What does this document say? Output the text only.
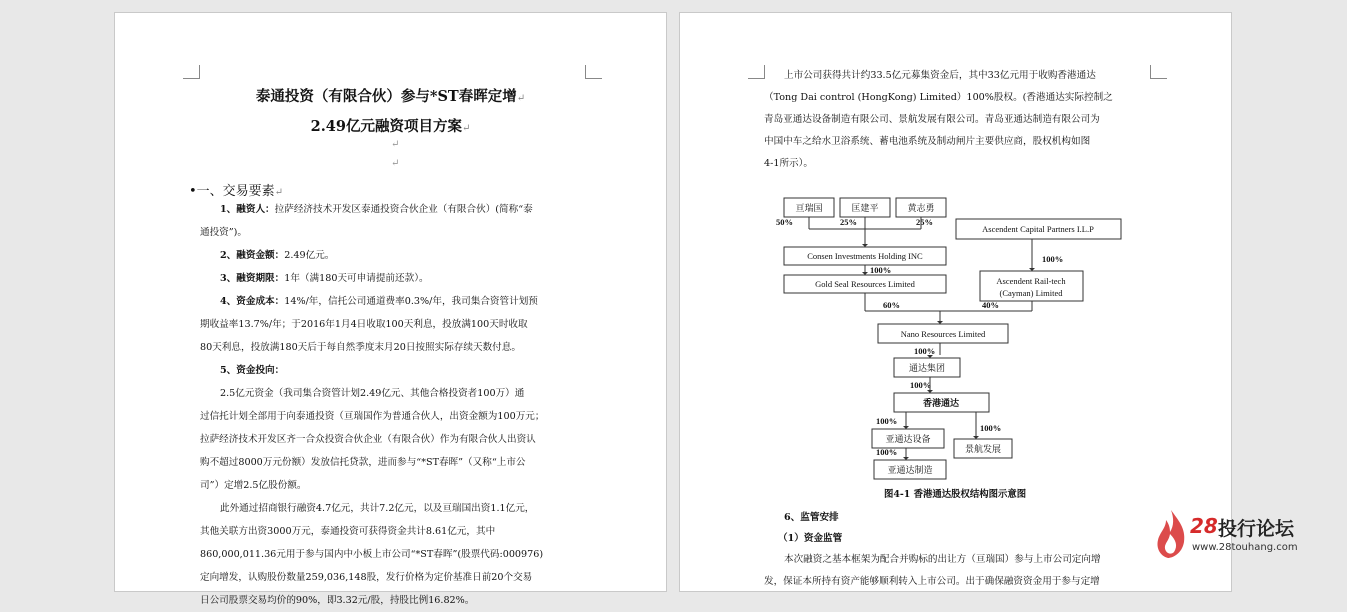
泰通投资（有限合伙）参与*ST春晖定增↵
2.49亿元融资项目方案↵
↵
↵
•一、交易要素↵
1、融资人：拉萨经济技术开发区泰通投资合伙企业（有限合伙）(简称“泰
通投资”)。
2、融资金额：2.49亿元。
3、融资期限：1年（满180天可申请提前还款）。
4、资金成本：14%/年，信托公司通道费率0.3%/年，我司集合资管计划预
期收益率13.7%/年；于2016年1月4日收取100天利息，投放满100天时收取
80天利息，投放满180天后于每自然季度末月20日按照实际存续天数付息。
5、资金投向：
2.5亿元资金（我司集合资管计划2.49亿元、其他合格投资者100万）通
过信托计划全部用于向泰通投资（亘瑞国作为普通合伙人，出资金额为100万元；
拉萨经济技术开发区齐一合众投资合伙企业（有限合伙）作为有限合伙人出资认
购不超过8000万元份额）发放信托贷款，进而参与“*ST春晖”（又称“上市公
司”）定增2.5亿股份额。
此外通过招商银行融资4.7亿元，共计7.2亿元，以及亘瑞国出资1.1亿元，
其他关联方出资3000万元，泰通投资可获得资金共计8.61亿元，其中
860,000,011.36元用于参与国内中小板上市公司“*ST春晖”(股票代码:000976)
定向增发，认购股份数量259,036,148股，发行价格为定价基准日前20个交易
日公司股票交易均价的90%，即3.32元/股，持股比例16.82%。
上市公司获得共计约33.5亿元募集资金后，其中33亿元用于收购香港通达
（Tong Dai control (HongKong) Limited）100%股权。(香港通达实际控制之
青岛亚通达设备制造有限公司、景航发展有限公司。青岛亚通达制造有限公司为
中国中车之给水卫浴系统、蓄电池系统及制动闸片主要供应商，股权机构如图
4-1所示）。
亘瑞国	匡建平	黄志勇
Ascendent Capital Partners I.L.P
Consen Investments Holding INC
Ascendent Rail-tech
(Cayman) Limited
Gold Seal Resources Limited
Nano Resources Limited
通达集团
香港通达
亚通达设备
景航发展
亚通达制造
50%	25%	25%
100%
100%
60%	40%
100%
100%
100%
100%
100%
图4-1 香港通达股权结构图示意图
6、监管安排
（1）资金监管
本次融资之基本框架为配合并购标的出让方（亘瑞国）参与上市公司定向增
发，保证本所持有资产能够顺利转入上市公司。出于确保融资资金用于参与定增
28 投行论坛
www.28touhang.com
